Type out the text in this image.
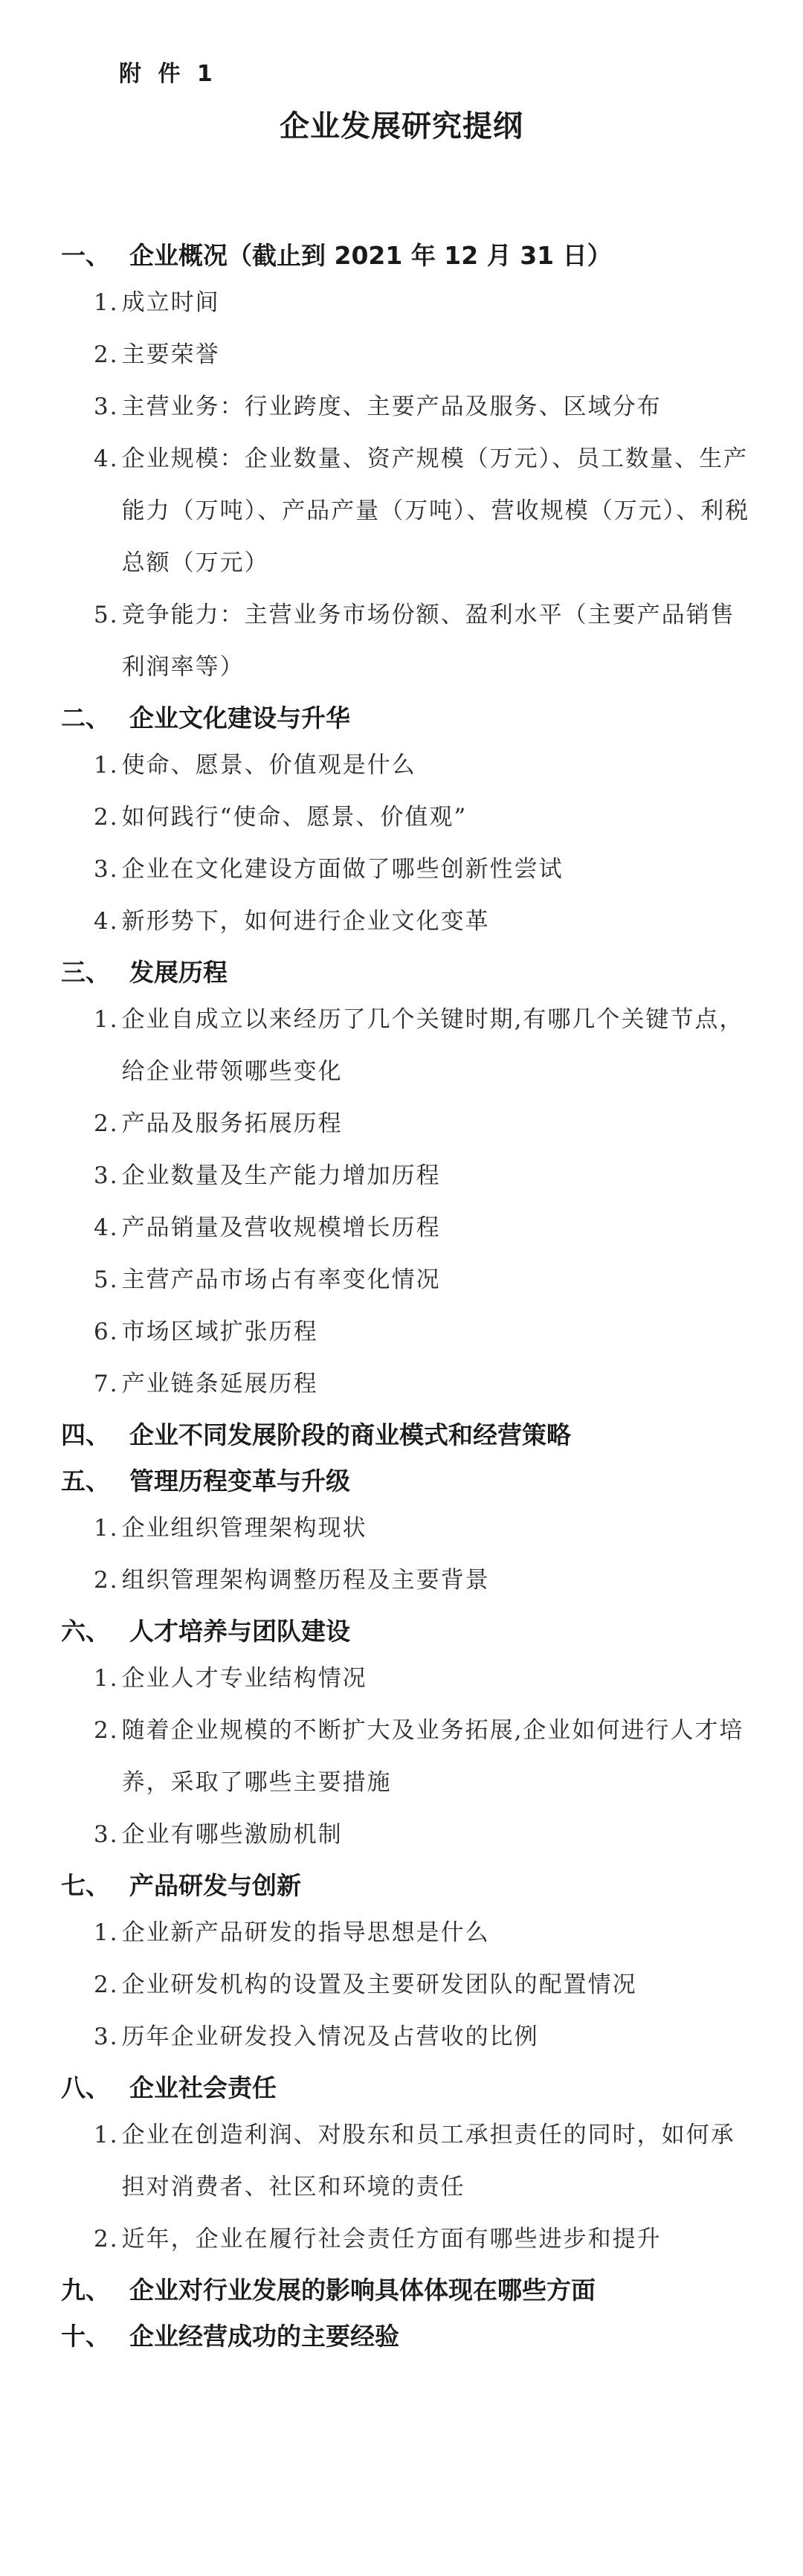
附 件 1
企业发展研究提纲
一、 企业概况（截止到 2021 年 12 月 31 日）
1. 成立时间
2. 主要荣誉
3. 主营业务：行业跨度、主要产品及服务、区域分布
4. 企业规模：企业数量、资产规模（万元）、员工数量、生产能力（万吨）、产品产量（万吨）、营收规模（万元）、利税总额（万元）
5. 竞争能力：主营业务市场份额、盈利水平（主要产品销售利润率等）
二、 企业文化建设与升华
1. 使命、愿景、价值观是什么
2. 如何践行“使命、愿景、价值观”
3. 企业在文化建设方面做了哪些创新性尝试
4. 新形势下，如何进行企业文化变革
三、 发展历程
1. 企业自成立以来经历了几个关键时期,有哪几个关键节点，给企业带领哪些变化
2. 产品及服务拓展历程
3. 企业数量及生产能力增加历程
4. 产品销量及营收规模增长历程
5. 主营产品市场占有率变化情况
6. 市场区域扩张历程
7. 产业链条延展历程
四、 企业不同发展阶段的商业模式和经营策略
五、 管理历程变革与升级
1. 企业组织管理架构现状
2. 组织管理架构调整历程及主要背景
六、 人才培养与团队建设
1. 企业人才专业结构情况
2. 随着企业规模的不断扩大及业务拓展,企业如何进行人才培养，采取了哪些主要措施
3. 企业有哪些激励机制
七、 产品研发与创新
1. 企业新产品研发的指导思想是什么
2. 企业研发机构的设置及主要研发团队的配置情况
3. 历年企业研发投入情况及占营收的比例
八、 企业社会责任
1. 企业在创造利润、对股东和员工承担责任的同时，如何承担对消费者、社区和环境的责任
2. 近年，企业在履行社会责任方面有哪些进步和提升
九、 企业对行业发展的影响具体体现在哪些方面
十、 企业经营成功的主要经验
